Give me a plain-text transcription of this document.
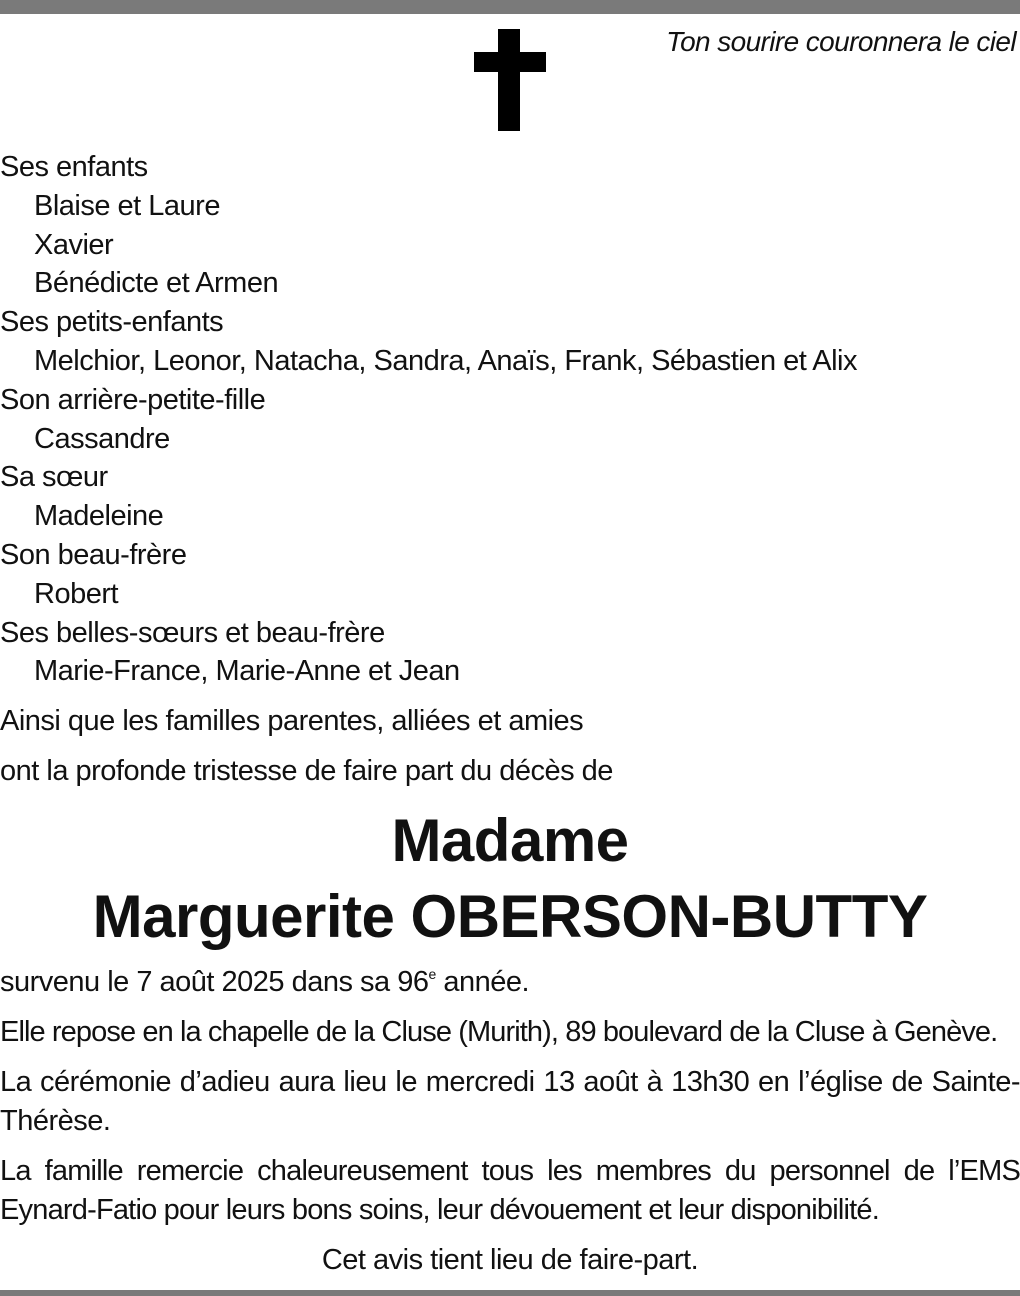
Ton sourire couronnera le ciel
Ses enfants
Blaise et Laure
Xavier
Bénédicte et Armen
Ses petits-enfants
Melchior, Leonor, Natacha, Sandra, Anaïs, Frank, Sébastien et Alix
Son arrière-petite-fille
Cassandre
Sa sœur
Madeleine
Son beau-frère
Robert
Ses belles-sœurs et beau-frère
Marie-France, Marie-Anne et Jean
Ainsi que les familles parentes, alliées et amies
ont la profonde tristesse de faire part du décès de
Madame
Marguerite OBERSON-BUTTY
survenu le 7 août 2025 dans sa 96e année.
Elle repose en la chapelle de la Cluse (Murith), 89 boulevard de la Cluse à Genève.
La cérémonie d’adieu aura lieu le mercredi 13 août à 13h30 en l’église de Sainte-Thérèse.
La famille remercie chaleureusement tous les membres du personnel de l’EMS Eynard-Fatio pour leurs bons soins, leur dévouement et leur disponibilité.
Cet avis tient lieu de faire-part.
